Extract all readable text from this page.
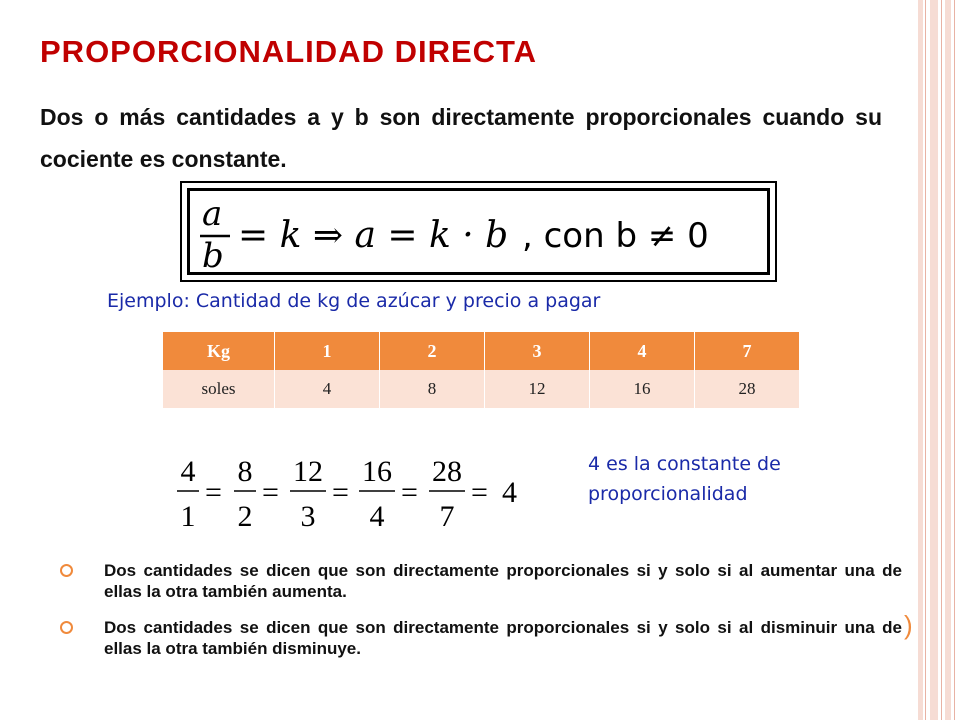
PROPORCIONALIDAD DIRECTA
Dos o más cantidades a y b son directamente proporcionales cuando su cociente es constante.
a
b = k ⇒ a = k · b , con b ≠ 0
Ejemplo: Cantidad de kg de azúcar y precio a pagar
Kg	1	2	3	4	7
soles	4	8	12	16	28
4
1
=
8
2
=
12
3
=
16
4
=
28
7
= 4
4 es la constante de
proporcionalidad
Dos cantidades se dicen que son directamente proporcionales si y solo si al aumentar una de ellas la otra también aumenta.
Dos cantidades se dicen que son directamente proporcionales si y solo si al disminuir una de ellas la otra también disminuye.
)
